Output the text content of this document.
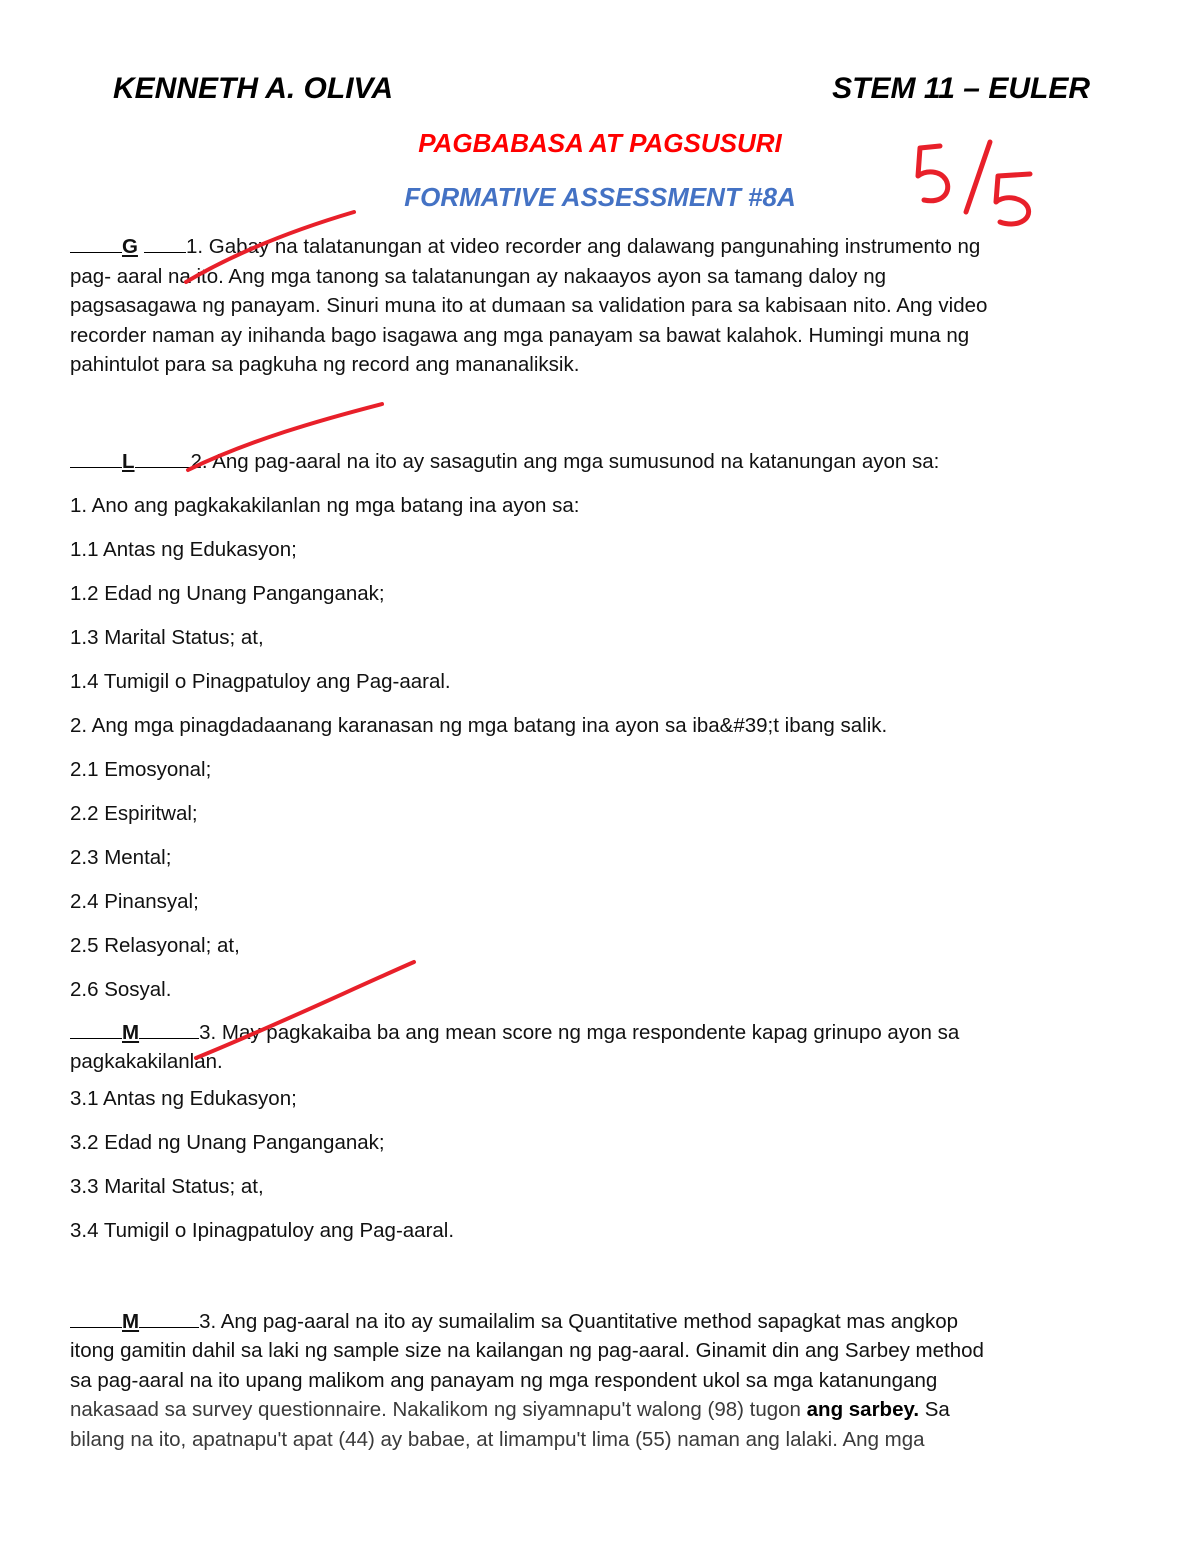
KENNETH A. OLIVA	STEM 11 – EULER
PAGBABASA AT PAGSUSURI
FORMATIVE ASSESSMENT #8A
G 1. Gabay na talatanungan at video recorder ang dalawang pangunahing instrumento ng
pag- aaral na ito. Ang mga tanong sa talatanungan ay nakaayos ayon sa tamang daloy ng
pagsasagawa ng panayam. Sinuri muna ito at dumaan sa validation para sa kabisaan nito. Ang video
recorder naman ay inihanda bago isagawa ang mga panayam sa bawat kalahok. Humingi muna ng
pahintulot para sa pagkuha ng record ang mananaliksik.
L	2. Ang pag-aaral na ito ay sasagutin ang mga sumusunod na katanungan ayon sa:
1. Ano ang pagkakakilanlan ng mga batang ina ayon sa:
1.1 Antas ng Edukasyon;
1.2 Edad ng Unang Panganganak;
1.3 Marital Status; at,
1.4 Tumigil o Pinagpatuloy ang Pag-aaral.
2. Ang mga pinagdadaanang karanasan ng mga batang ina ayon sa iba&#39;t ibang salik.
2.1 Emosyonal;
2.2 Espiritwal;
2.3 Mental;
2.4 Pinansyal;
2.5 Relasyonal; at,
2.6 Sosyal.
M	3. May pagkakaiba ba ang mean score ng mga respondente kapag grinupo ayon sa
pagkakakilanlan.
3.1 Antas ng Edukasyon;
3.2 Edad ng Unang Panganganak;
3.3 Marital Status; at,
3.4 Tumigil o Ipinagpatuloy ang Pag-aaral.
M	3. Ang pag-aaral na ito ay sumailalim sa Quantitative method sapagkat mas angkop
itong gamitin dahil sa laki ng sample size na kailangan ng pag-aaral. Ginamit din ang Sarbey method
sa pag-aaral na ito upang malikom ang panayam ng mga respondent ukol sa mga katanungang
nakasaad sa survey questionnaire. Nakalikom ng siyamnapu't walong (98) tugon ang sarbey. Sa
bilang na ito, apatnapu't apat (44) ay babae, at limampu't lima (55) naman ang lalaki. Ang mga
